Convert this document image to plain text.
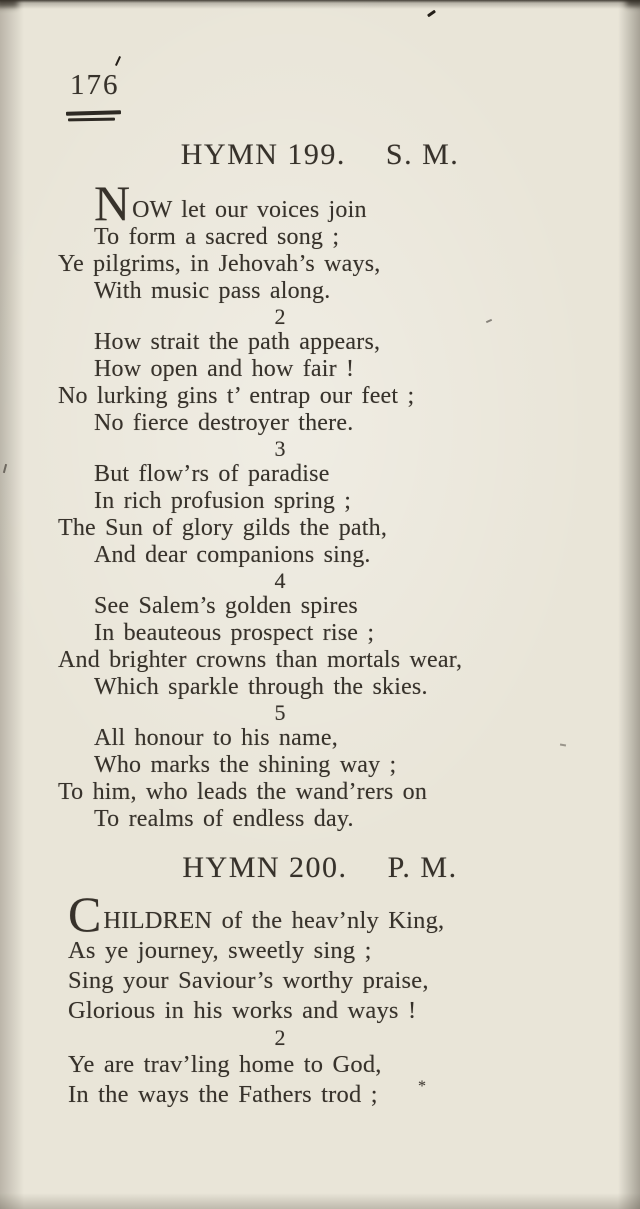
176
HYMN 199. S. M.
NOW let our voices join
To form a sacred song ;
Ye pilgrims, in Jehovah’s ways,
With music pass along.
2
How strait the path appears,
How open and how fair !
No lurking gins t’ entrap our feet ;
No fierce destroyer there.
3
But flow’rs of paradise
In rich profusion spring ;
The Sun of glory gilds the path,
And dear companions sing.
4
See Salem’s golden spires
In beauteous prospect rise ;
And brighter crowns than mortals wear,
Which sparkle through the skies.
5
All honour to his name,
Who marks the shining way ;
To him, who leads the wand’rers on
To realms of endless day.
HYMN 200. P. M.
CHILDREN of the heav’nly King,
As ye journey, sweetly sing ;
Sing your Saviour’s worthy praise,
Glorious in his works and ways !
2
Ye are trav’ling home to God,
In the ways the Fathers trod ;	*
